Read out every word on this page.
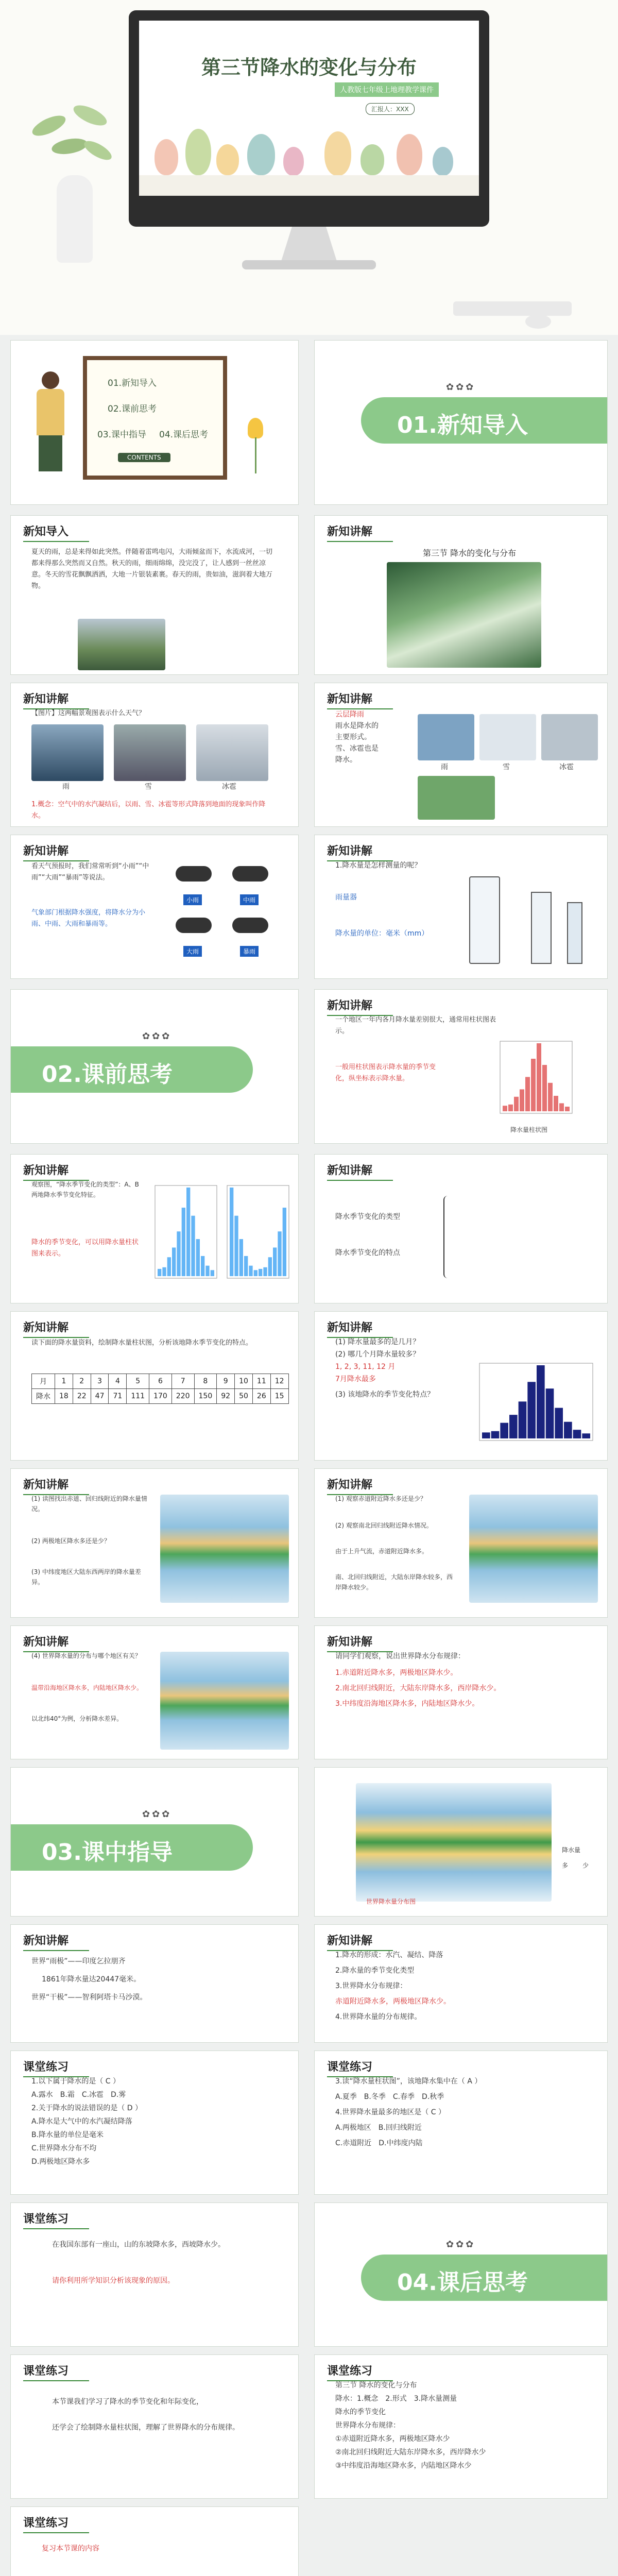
第三节降水的变化与分布
人教版七年级上地理教学课件
汇报人：XXX
01.新知导入
02.课前思考
03.课中指导 04.课后思考
CONTENTS
✿✿✿
01.新知导入
新知导入
夏天的雨，总是来得如此突然。伴随着雷鸣电闪，大雨倾盆而下，水流成河，一切都来得那么突然而又自然。秋天的雨，细雨绵绵，没完没了，让人感到一丝丝凉意。冬天的雪花飘飘洒洒，大地一片银装素裹。春天的雨，贵如油，滋润着大地万物。
新知讲解
第三节 降水的变化与分布
新知讲解
【图片】这两幅景观图表示什么天气？
雨	雪	冰雹
1.概念：空气中的水汽凝结后，以雨、雪、冰雹等形式降落到地面的现象叫作降水。
新知讲解
云层降雨
雨水是降水的
主要形式。
雪、冰雹也是
降水。
雨	雪	冰雹
新知讲解
看天气预报时，我们常常听到“小雨”“中雨”“大雨”“暴雨”等说法。
气象部门根据降水强度，将降水分为小雨、中雨、大雨和暴雨等。
小雨	中雨
大雨	暴雨
新知讲解
1.降水量是怎样测量的呢？
雨量器
降水量的单位：毫米（mm）
✿✿✿
02.课前思考
新知讲解
一个地区一年内各月降水量差别很大，通常用柱状图表示。
一般用柱状图表示降水量的季节变化，纵坐标表示降水量。
降水量柱状图
新知讲解
观察图，“降水季节变化的类型”：A、B两地降水季节变化特征。
降水的季节变化，可以用降水量柱状图来表示。
新知讲解
降水季节变化的类型
降水季节变化的特点
新知讲解
读下面的降水量资料，绘制降水量柱状图，分析该地降水季节变化的特点。
月	1	2	3	4	5	6	7	8	9	10	11	12
降水	18	22	47	71	111	170	220	150	92	50	26	15
新知讲解
(1) 降水量最多的是几月？
(2) 哪几个月降水量较多？
1, 2, 3, 11, 12 月
7月降水最多
(3) 该地降水的季节变化特点？
新知讲解
(1) 读图找出赤道、回归线附近的降水量情况。
(2) 两极地区降水多还是少？
(3) 中纬度地区大陆东西两岸的降水量差异。
新知讲解
(1) 观察赤道附近降水多还是少？
(2) 观察南北回归线附近降水情况。
由于上升气流，赤道附近降水多。
南、北回归线附近，大陆东岸降水较多，西岸降水较少。
新知讲解
(4) 世界降水量的分布与哪个地区有关？
温带沿海地区降水多，内陆地区降水少。
以北纬40°为例，分析降水差异。
新知讲解
请同学们观察，说出世界降水分布规律：
1.赤道附近降水多，两极地区降水少。
2.南北回归线附近，大陆东岸降水多，西岸降水少。
3.中纬度沿海地区降水多，内陆地区降水少。
✿✿✿
03.课中指导
世界降水量分布图
降水量
多 少
新知讲解
世界“雨极”——印度乞拉朋齐
1861年降水量达20447毫米。
世界“干极”——智利阿塔卡马沙漠。
新知讲解
1.降水的形成：水汽、凝结、降落
2.降水量的季节变化类型
3.世界降水分布规律：
赤道附近降水多，两极地区降水少。
4.世界降水量的分布规律。
课堂练习
1.以下属于降水的是（ C ）
A.露水　B.霜　C.冰雹　D.雾
2.关于降水的说法错误的是（ D ）
A.降水是大气中的水汽凝结降落
B.降水量的单位是毫米
C.世界降水分布不均
D.两极地区降水多
课堂练习
3.读“降水量柱状图”，该地降水集中在（ A ）
A.夏季　B.冬季　C.春季　D.秋季
4.世界降水量最多的地区是（ C ）
A.两极地区　B.回归线附近
C.赤道附近　D.中纬度内陆
课堂练习
在我国东部有一座山，山的东坡降水多，西坡降水少。
请你利用所学知识分析该现象的原因。
✿✿✿
04.课后思考
课堂练习
本节课我们学习了降水的季节变化和年际变化，
还学会了绘制降水量柱状图，理解了世界降水的分布规律。
课堂练习
第三节 降水的变化与分布
降水：1.概念　2.形式　3.降水量测量
降水的季节变化
世界降水分布规律：
①赤道附近降水多，两极地区降水少
②南北回归线附近大陆东岸降水多，西岸降水少
③中纬度沿海地区降水多，内陆地区降水少
课堂练习
复习本节课的内容
